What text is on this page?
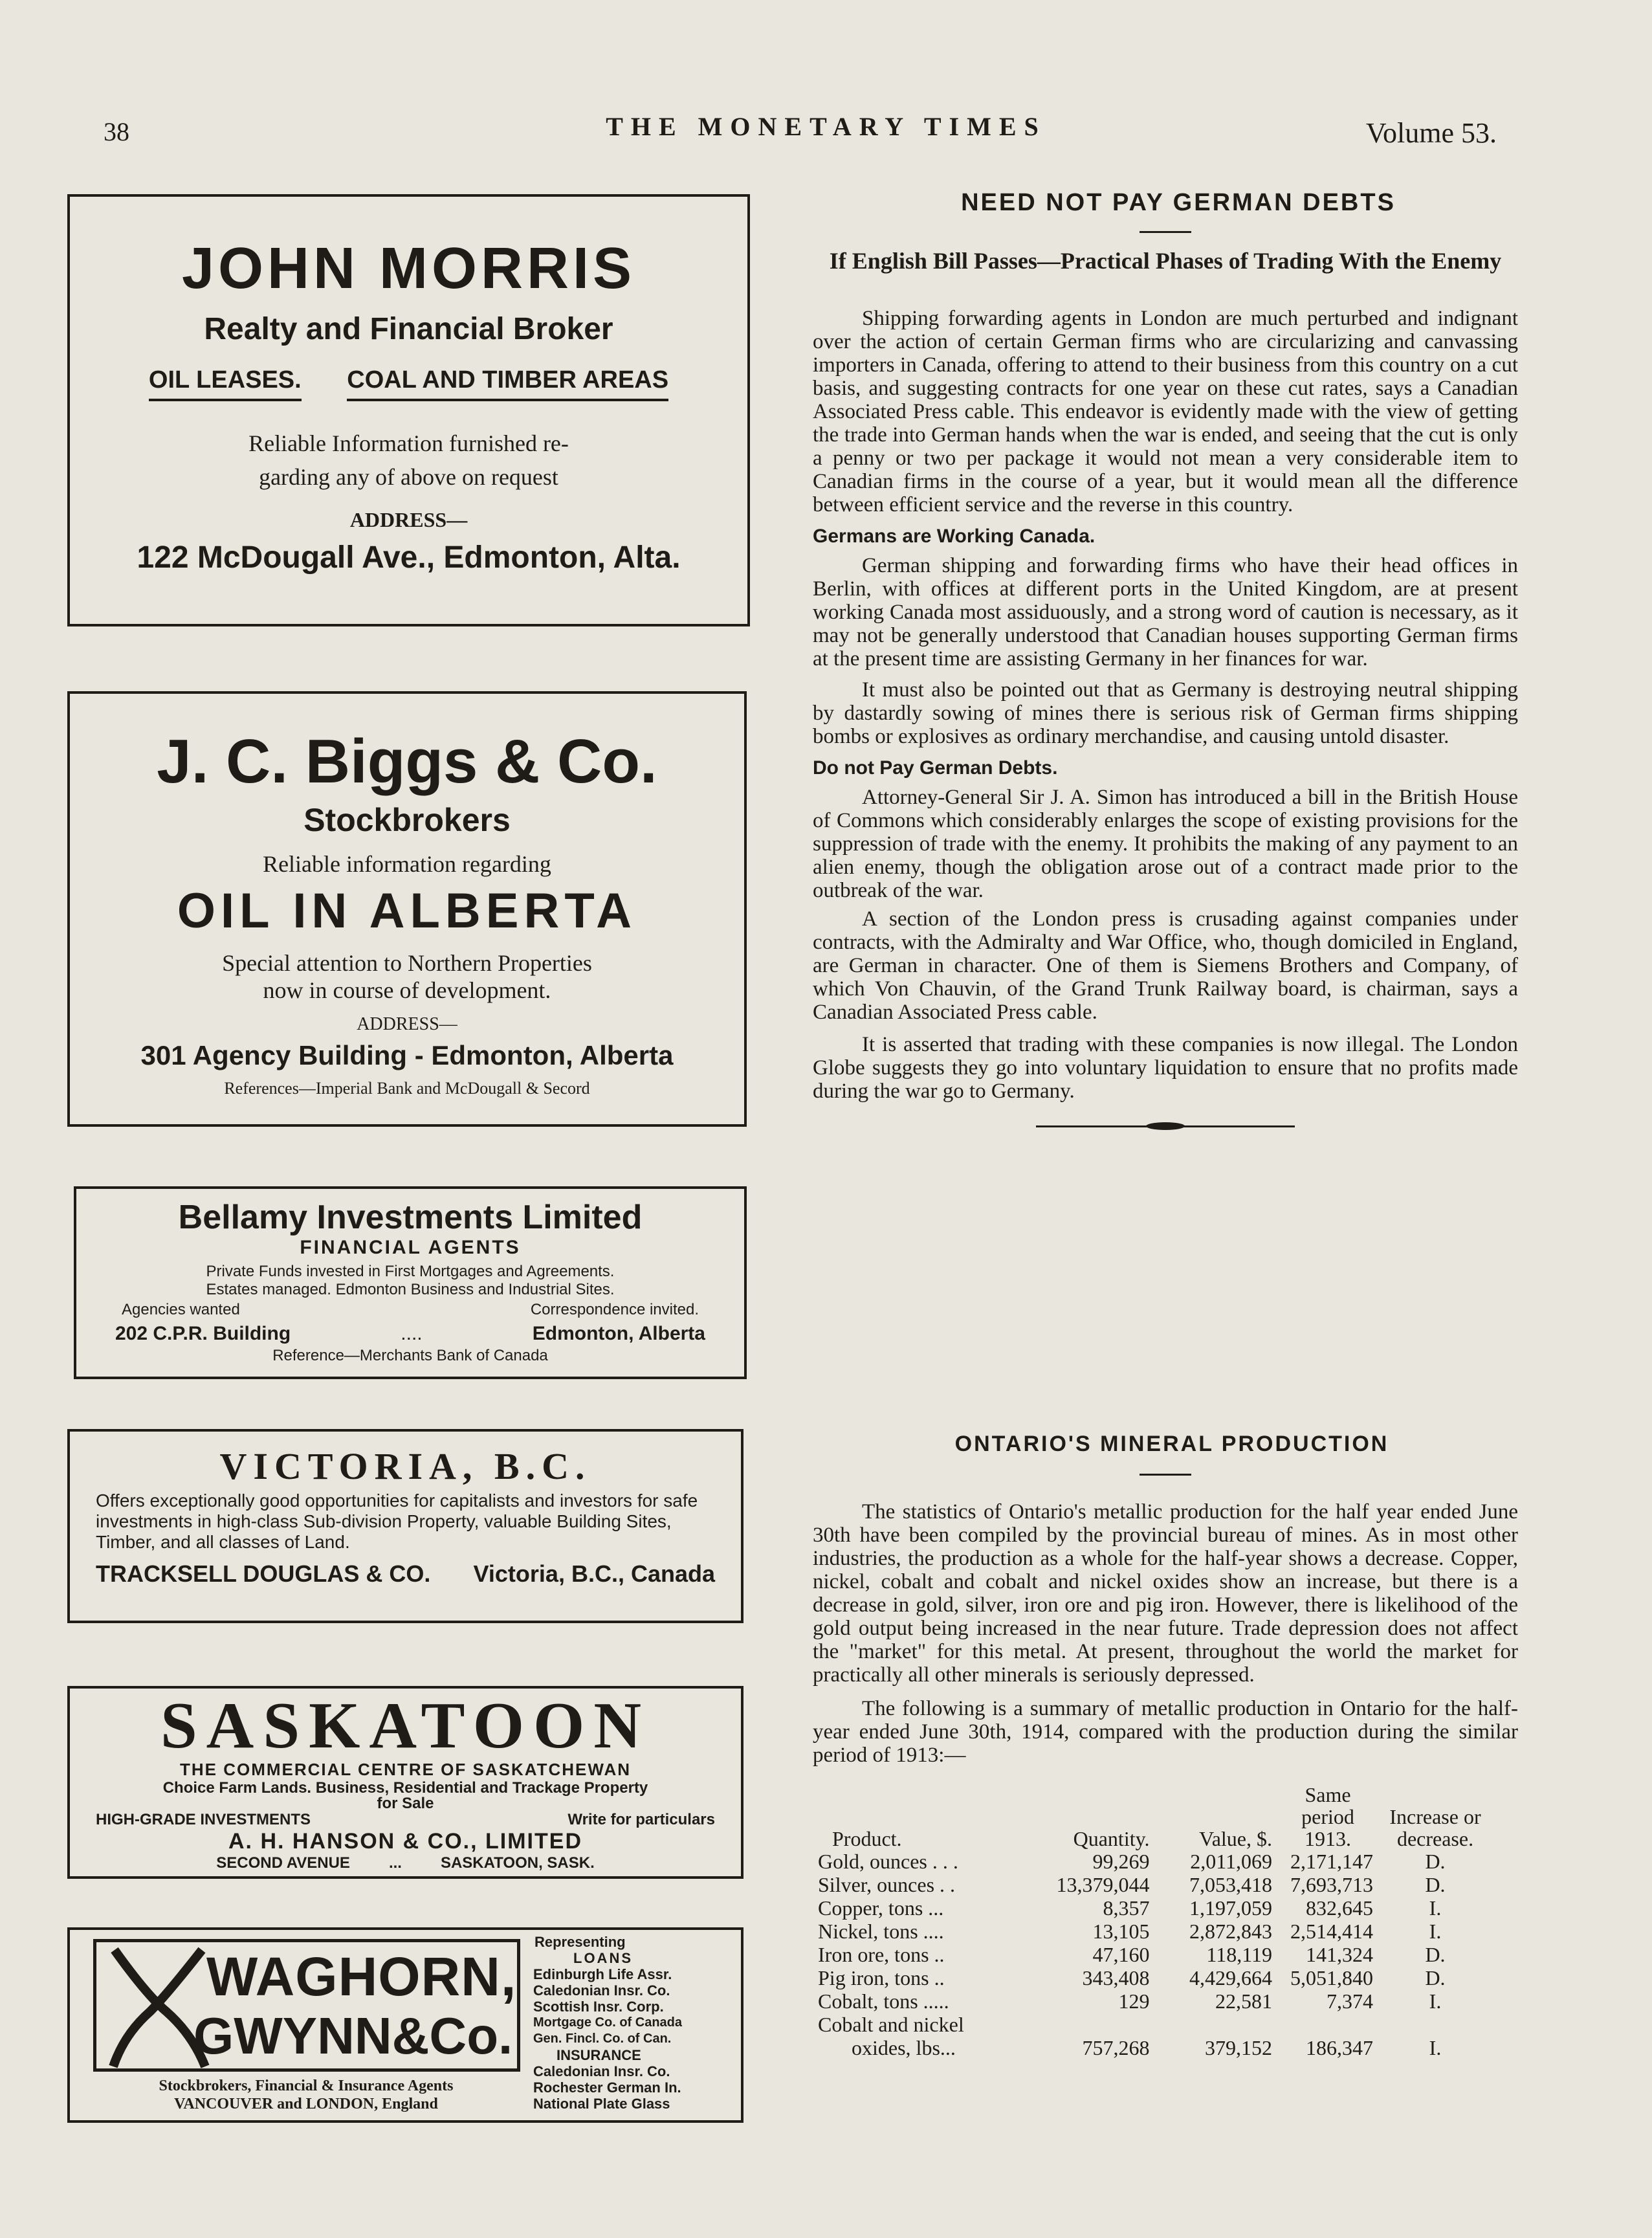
38	THE MONETARY TIMES	Volume 53.
JOHN MORRIS
Realty and Financial Broker
OIL LEASES. COAL AND TIMBER AREAS
Reliable Information furnished re-
garding any of above on request
ADDRESS—
122 McDougall Ave., Edmonton, Alta.
J. C. Biggs & Co.
Stockbrokers
Reliable information regarding
OIL IN ALBERTA
Special attention to Northern Properties
now in course of development.
ADDRESS—
301 Agency Building - Edmonton, Alberta
References—Imperial Bank and McDougall & Secord
Bellamy Investments Limited
FINANCIAL AGENTS
Private Funds invested in First Mortgages and Agreements.
Estates managed. Edmonton Business and Industrial Sites.
Agencies wanted	Correspondence invited.
202 C.P.R. Building	....	Edmonton, Alberta
Reference—Merchants Bank of Canada
VICTORIA, B.C.
Offers exceptionally good opportunities for capitalists and investors for safe investments in high-class Sub-division Property, valuable Building Sites, Timber, and all classes of Land.
TRACKSELL DOUGLAS & CO. Victoria, B.C., Canada
SASKATOON
THE COMMERCIAL CENTRE OF SASKATCHEWAN
Choice Farm Lands. Business, Residential and Trackage Property
for Sale
HIGH-GRADE INVESTMENTS	Write for particulars
A. H. HANSON & CO., LIMITED
SECOND AVENUE	...	SASKATOON, SASK.
WAGHORN,
GWYNN&Co.
Stockbrokers, Financial & Insurance Agents
VANCOUVER and LONDON, England
Representing
LOANS
Edinburgh Life Assr.
Caledonian Insr. Co.
Scottish Insr. Corp.
Mortgage Co. of Canada
Gen. Fincl. Co. of Can.
INSURANCE
Caledonian Insr. Co.
Rochester German In.
National Plate Glass
NEED NOT PAY GERMAN DEBTS
If English Bill Passes—Practical Phases of Trading With the Enemy

Shipping forwarding agents in London are much perturbed and indignant over the action of certain German firms who are circularizing and canvassing importers in Canada, offering to attend to their business from this country on a cut basis, and suggesting contracts for one year on these cut rates, says a Canadian Associated Press cable. This endeavor is evidently made with the view of getting the trade into German hands when the war is ended, and seeing that the cut is only a penny or two per package it would not mean a very considerable item to Canadian firms in the course of a year, but it would mean all the difference between efficient service and the reverse in this country.

Germans are Working Canada.

German shipping and forwarding firms who have their head offices in Berlin, with offices at different ports in the United Kingdom, are at present working Canada most assiduously, and a strong word of caution is necessary, as it may not be generally understood that Canadian houses supporting German firms at the present time are assisting Germany in her finances for war.

It must also be pointed out that as Germany is destroying neutral shipping by dastardly sowing of mines there is serious risk of German firms shipping bombs or explosives as ordinary merchandise, and causing untold disaster.

Do not Pay German Debts.

Attorney-General Sir J. A. Simon has introduced a bill in the British House of Commons which considerably enlarges the scope of existing provisions for the suppression of trade with the enemy. It prohibits the making of any payment to an alien enemy, though the obligation arose out of a contract made prior to the outbreak of the war.

A section of the London press is crusading against companies under contracts, with the Admiralty and War Office, who, though domiciled in England, are German in character. One of them is Siemens Brothers and Company, of which Von Chauvin, of the Grand Trunk Railway board, is chairman, says a Canadian Associated Press cable.

It is asserted that trading with these companies is now illegal. The London Globe suggests they go into voluntary liquidation to ensure that no profits made during the war go to Germany.

ONTARIO'S MINERAL PRODUCTION

The statistics of Ontario's metallic production for the half year ended June 30th have been compiled by the provincial bureau of mines. As in most other industries, the production as a whole for the half-year shows a decrease. Copper, nickel, cobalt and cobalt and nickel oxides show an increase, but there is a decrease in gold, silver, iron ore and pig iron. However, there is likelihood of the gold output being increased in the near future. Trade depression does not affect the "market" for this metal. At present, throughout the world the market for practically all other minerals is seriously depressed.

The following is a summary of metallic production in Ontario for the half-year ended June 30th, 1914, compared with the production during the similar period of 1913:—

Product.	Quantity.	Value, $.	Same period 1913.	Increase or decrease.
Gold, ounces . . .	99,269	2,011,069	2,171,147	D.
Silver, ounces . .	13,379,044	7,053,418	7,693,713	D.
Copper, tons ...	8,357	1,197,059	832,645	I.
Nickel, tons ....	13,105	2,872,843	2,514,414	I.
Iron ore, tons ..	47,160	118,119	141,324	D.
Pig iron, tons ..	343,408	4,429,664	5,051,840	D.
Cobalt, tons .....	129	22,581	7,374	I.
Cobalt and nickel				
oxides, lbs...	757,268	379,152	186,347	I.
